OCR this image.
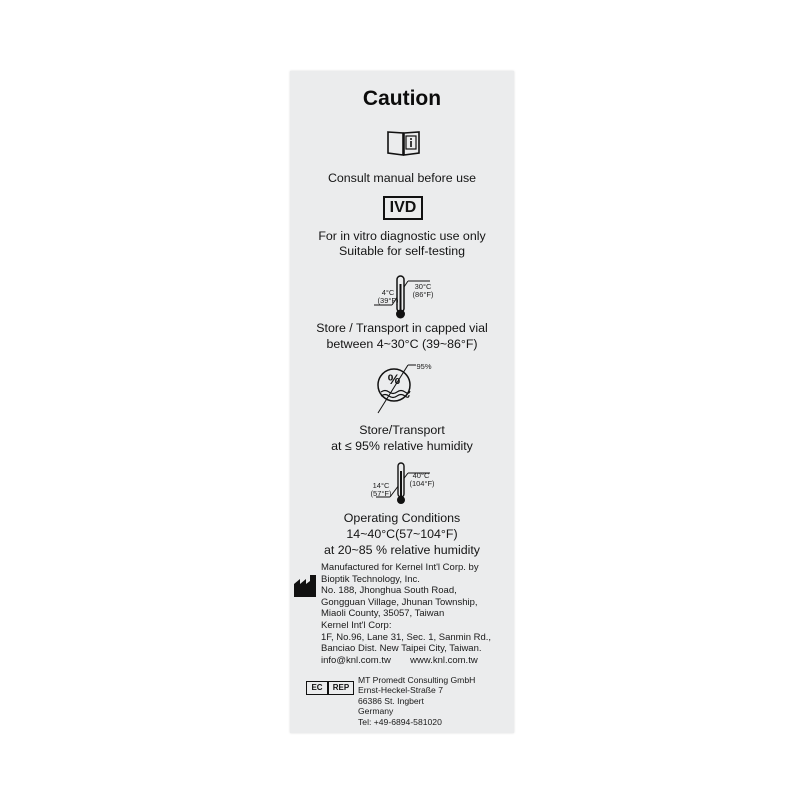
Caution
Consult manual before use
IVD
For in vitro diagnostic use only
Suitable for self-testing
4°C
(39°F)
30°C
(86°F)
Store / Transport in capped vial
between 4~30°C (39~86°F)
%
95%
Store/Transport
at ≤ 95% relative humidity
14°C
(57°F)
40°C
(104°F)
Operating Conditions
14~40°C(57~104°F)
at 20~85 % relative humidity
Manufactured for Kernel Int'l Corp. by
Bioptik Technology, Inc.
No. 188, Jhonghua South Road,
Gongguan Village, Jhunan Township,
Miaoli County, 35057, Taiwan
Kernel Int'l Corp:
1F, No.96, Lane 31, Sec. 1, Sanmin Rd.,
Banciao Dist. New Taipei City, Taiwan.
info@knl.com.tw www.knl.com.tw
EC	REP
MT Promedt Consulting GmbH
Ernst-Heckel-Straße 7
66386 St. Ingbert
Germany
Tel: +49-6894-581020
